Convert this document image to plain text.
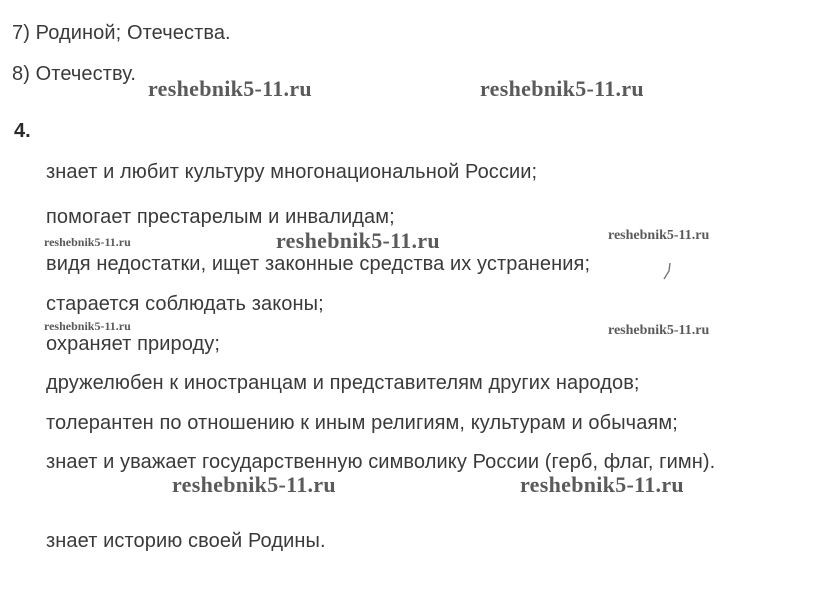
7) Родиной; Отечества.
8) Отечеству.
4.
знает и любит культуру многонациональной России;
помогает престарелым и инвалидам;
видя недостатки, ищет законные средства их устранения;
старается соблюдать законы;
охраняет природу;
дружелюбен к иностранцам и представителям других народов;
толерантен по отношению к иным религиям, культурам и обычаям;
знает и уважает государственную символику России (герб, флаг, гимн).
знает историю своей Родины.
reshebnik5-11.ru	reshebnik5-11.ru
reshebnik5-11.ru	reshebnik5-11.ru	reshebnik5-11.ru
reshebnik5-11.ru	reshebnik5-11.ru
reshebnik5-11.ru	reshebnik5-11.ru
